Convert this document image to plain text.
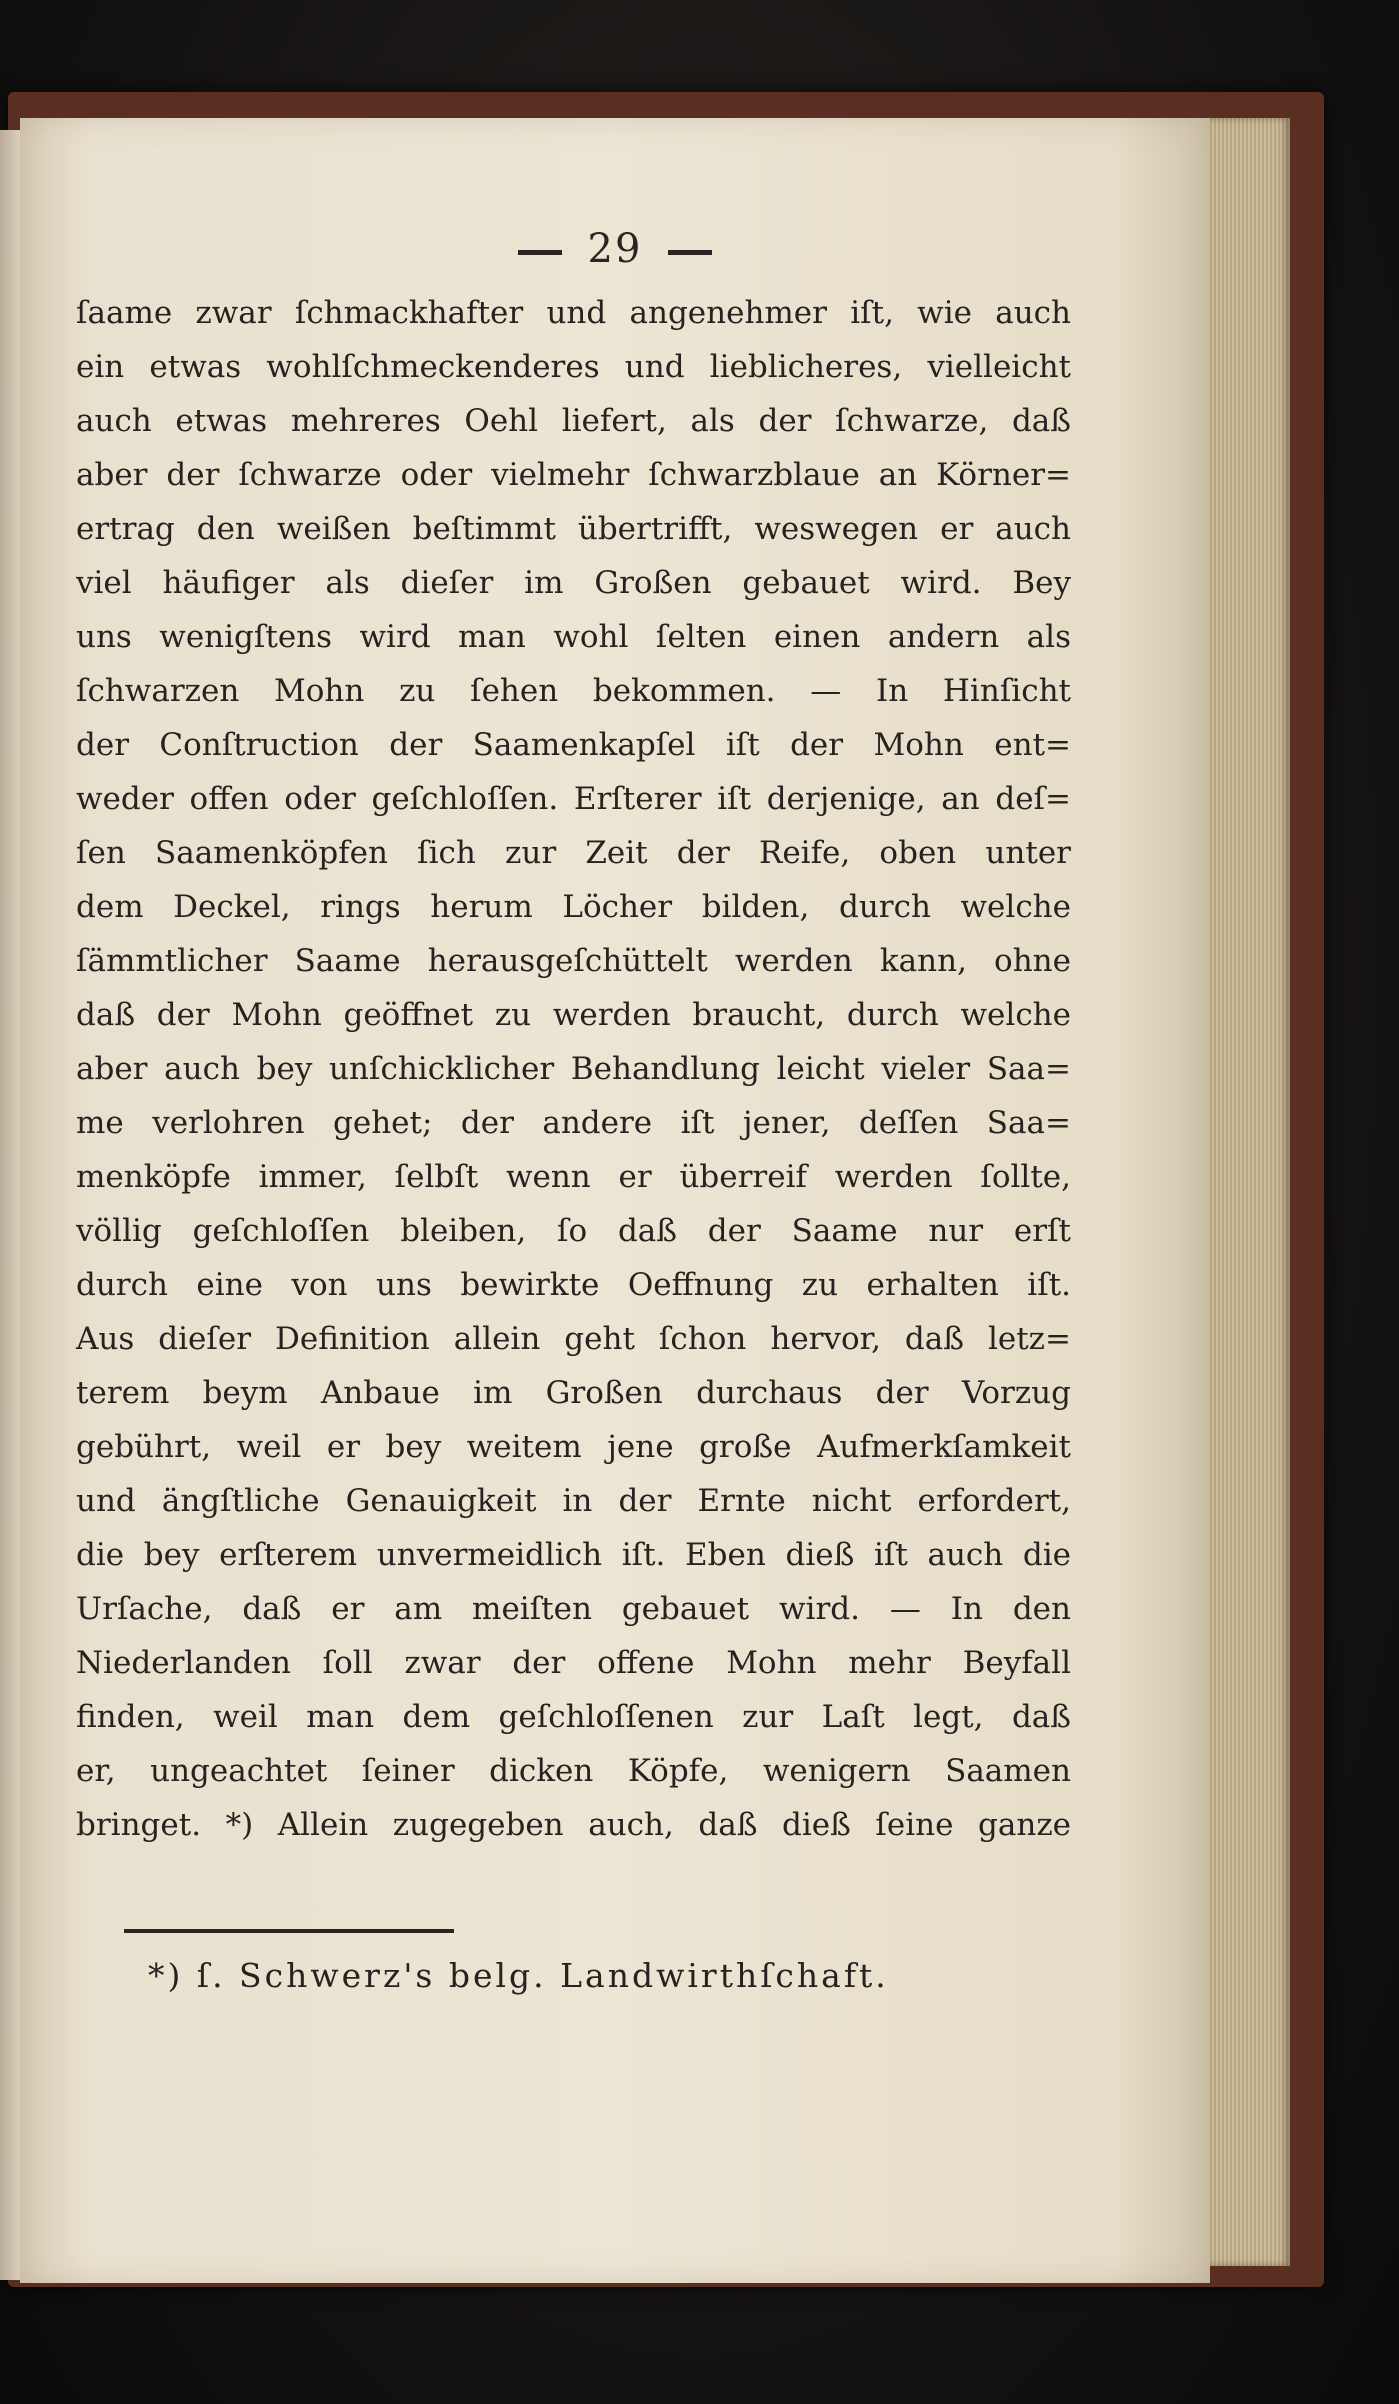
29
ſaame zwar ſchmackhafter und angenehmer iſt, wie auch
ein etwas wohlſchmeckenderes und lieblicheres, vielleicht
auch etwas mehreres Oehl liefert, als der ſchwarze, daß
aber der ſchwarze oder vielmehr ſchwarzblaue an Körner=
ertrag den weißen beſtimmt übertrifft, weswegen er auch
viel häufiger als dieſer im Großen gebauet wird. Bey
uns wenigſtens wird man wohl ſelten einen andern als
ſchwarzen Mohn zu ſehen bekommen. — In Hinſicht
der Conſtruction der Saamenkapſel iſt der Mohn ent=
weder offen oder geſchloſſen. Erſterer iſt derjenige, an deſ=
ſen Saamenköpfen ſich zur Zeit der Reife, oben unter
dem Deckel, rings herum Löcher bilden, durch welche
ſämmtlicher Saame herausgeſchüttelt werden kann, ohne
daß der Mohn geöffnet zu werden braucht, durch welche
aber auch bey unſchicklicher Behandlung leicht vieler Saa=
me verlohren gehet; der andere iſt jener, deſſen Saa=
menköpfe immer, ſelbſt wenn er überreif werden ſollte,
völlig geſchloſſen bleiben, ſo daß der Saame nur erſt
durch eine von uns bewirkte Oeffnung zu erhalten iſt.
Aus dieſer Definition allein geht ſchon hervor, daß letz=
terem beym Anbaue im Großen durchaus der Vorzug
gebührt, weil er bey weitem jene große Aufmerkſamkeit
und ängſtliche Genauigkeit in der Ernte nicht erfordert,
die bey erſterem unvermeidlich iſt. Eben dieß iſt auch die
Urſache, daß er am meiſten gebauet wird. — In den
Niederlanden ſoll zwar der offene Mohn mehr Beyfall
finden, weil man dem geſchloſſenen zur Laſt legt, daß
er, ungeachtet ſeiner dicken Köpfe, wenigern Saamen
bringet. *) Allein zugegeben auch, daß dieß ſeine ganze
*) ſ. Schwerz's belg. Landwirthſchaft.
